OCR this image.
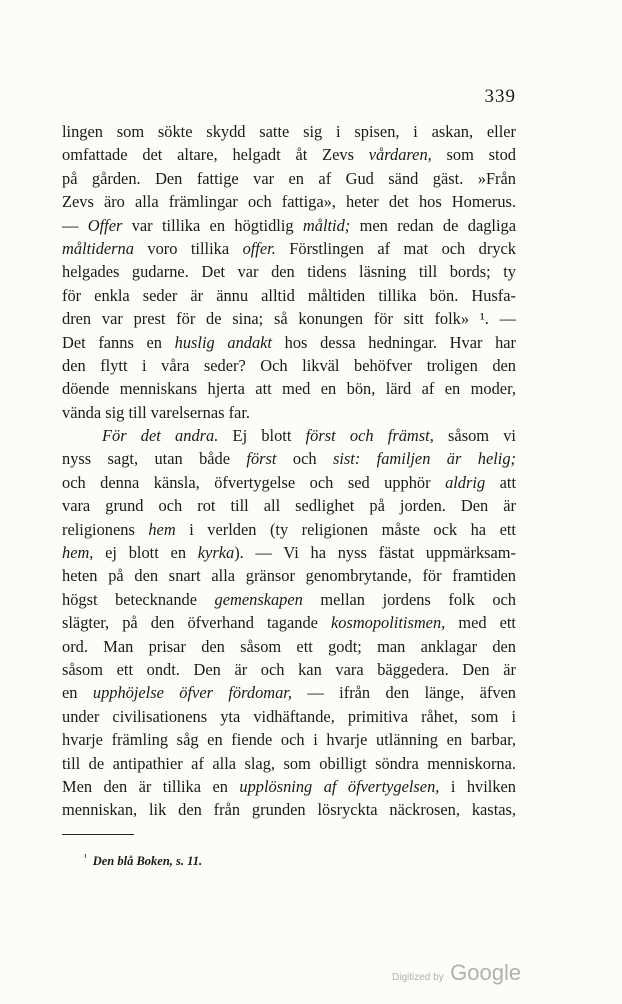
339
lingen som sökte skydd satte sig i spisen, i askan, eller
omfattade det altare, helgadt åt Zevs vårdaren, som stod
på gården. Den fattige var en af Gud sänd gäst. »Från
Zevs äro alla främlingar och fattiga», heter det hos Homerus.
— Offer var tillika en högtidlig måltid; men redan de dagliga
måltiderna voro tillika offer. Förstlingen af mat och dryck
helgades gudarne. Det var den tidens läsning till bords; ty
för enkla seder är ännu alltid måltiden tillika bön. Husfa-
dren var prest för de sina; så konungen för sitt folk» ¹. —
Det fanns en huslig andakt hos dessa hedningar. Hvar har
den flytt i våra seder? Och likväl behöfver troligen den
döende menniskans hjerta att med en bön, lärd af en moder,
vända sig till varelsernas far.
För det andra. Ej blott först och främst, såsom vi
nyss sagt, utan både först och sist: familjen är helig;
och denna känsla, öfvertygelse och sed upphör aldrig att
vara grund och rot till all sedlighet på jorden. Den är
religionens hem i verlden (ty religionen måste ock ha ett
hem, ej blott en kyrka). — Vi ha nyss fästat uppmärksam-
heten på den snart alla gränsor genombrytande, för framtiden
högst betecknande gemenskapen mellan jordens folk och
slägter, på den öfverhand tagande kosmopolitismen, med ett
ord. Man prisar den såsom ett godt; man anklagar den
såsom ett ondt. Den är och kan vara bäggedera. Den är
en upphöjelse öfver fördomar, — ifrån den länge, äfven
under civilisationens yta vidhäftande, primitiva råhet, som i
hvarje främling såg en fiende och i hvarje utlänning en barbar,
till de antipathier af alla slag, som obilligt söndra menniskorna.
Men den är tillika en upplösning af öfvertygelsen, i hvilken
menniskan, lik den från grunden lösryckta näckrosen, kastas,
$^{^1}$ Den blå Boken, s. 11.
Digitized by Google
